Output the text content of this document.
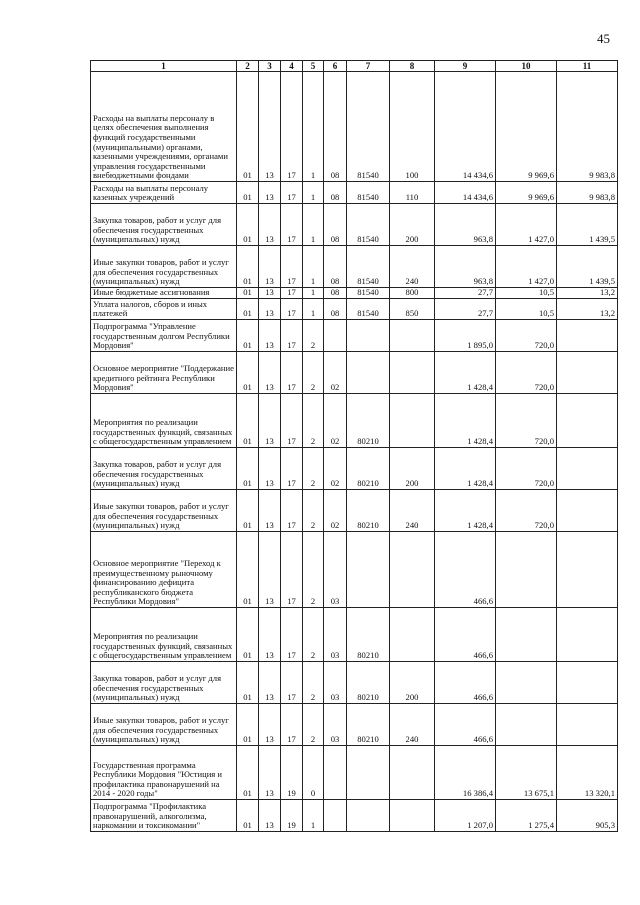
45
1	2	3	4	5	6	7	8	9	10	11
Расходы на выплаты персоналу в целях обеспечения выполнения функций государственными (муниципальными) органами, казенными учреждениями, органами управления государственными внебюджетными фондами	01	13	17	1	08	81540	100	14 434,6	9 969,6	9 983,8
Расходы на выплаты персоналу казенных учреждений	01	13	17	1	08	81540	110	14 434,6	9 969,6	9 983,8
Закупка товаров, работ и услуг для обеспечения государственных (муниципальных) нужд	01	13	17	1	08	81540	200	963,8	1 427,0	1 439,5
Иные закупки товаров, работ и услуг для обеспечения государственных (муниципальных) нужд	01	13	17	1	08	81540	240	963,8	1 427,0	1 439,5
Иные бюджетные ассигнования	01	13	17	1	08	81540	800	27,7	10,5	13,2
Уплата налогов, сборов и иных платежей	01	13	17	1	08	81540	850	27,7	10,5	13,2
Подпрограмма "Управление государственным долгом Республики Мордовия"	01	13	17	2				1 895,0	720,0	
Основное мероприятие "Поддержание кредитного рейтинга Республики Мордовия"	01	13	17	2	02			1 428,4	720,0	
Мероприятия по реализации государственных функций, связанных с общегосударственным управлением	01	13	17	2	02	80210		1 428,4	720,0	
Закупка товаров, работ и услуг для обеспечения государственных (муниципальных) нужд	01	13	17	2	02	80210	200	1 428,4	720,0	
Иные закупки товаров, работ и услуг для обеспечения государственных (муниципальных) нужд	01	13	17	2	02	80210	240	1 428,4	720,0	
Основное мероприятие "Переход к преимущественному рыночному финансированию дефицита республиканского бюджета Республики Мордовия"	01	13	17	2	03			466,6		
Мероприятия по реализации государственных функций, связанных с общегосударственным управлением	01	13	17	2	03	80210		466,6		
Закупка товаров, работ и услуг для обеспечения государственных (муниципальных) нужд	01	13	17	2	03	80210	200	466,6		
Иные закупки товаров, работ и услуг для обеспечения государственных (муниципальных) нужд	01	13	17	2	03	80210	240	466,6		
Государственная программа Республики Мордовия "Юстиция и профилактика правонарушений на 2014 - 2020 годы"	01	13	19	0				16 386,4	13 675,1	13 320,1
Подпрограмма "Профилактика правонарушений, алкоголизма, наркомании и токсикомании"	01	13	19	1				1 207,0	1 275,4	905,3
